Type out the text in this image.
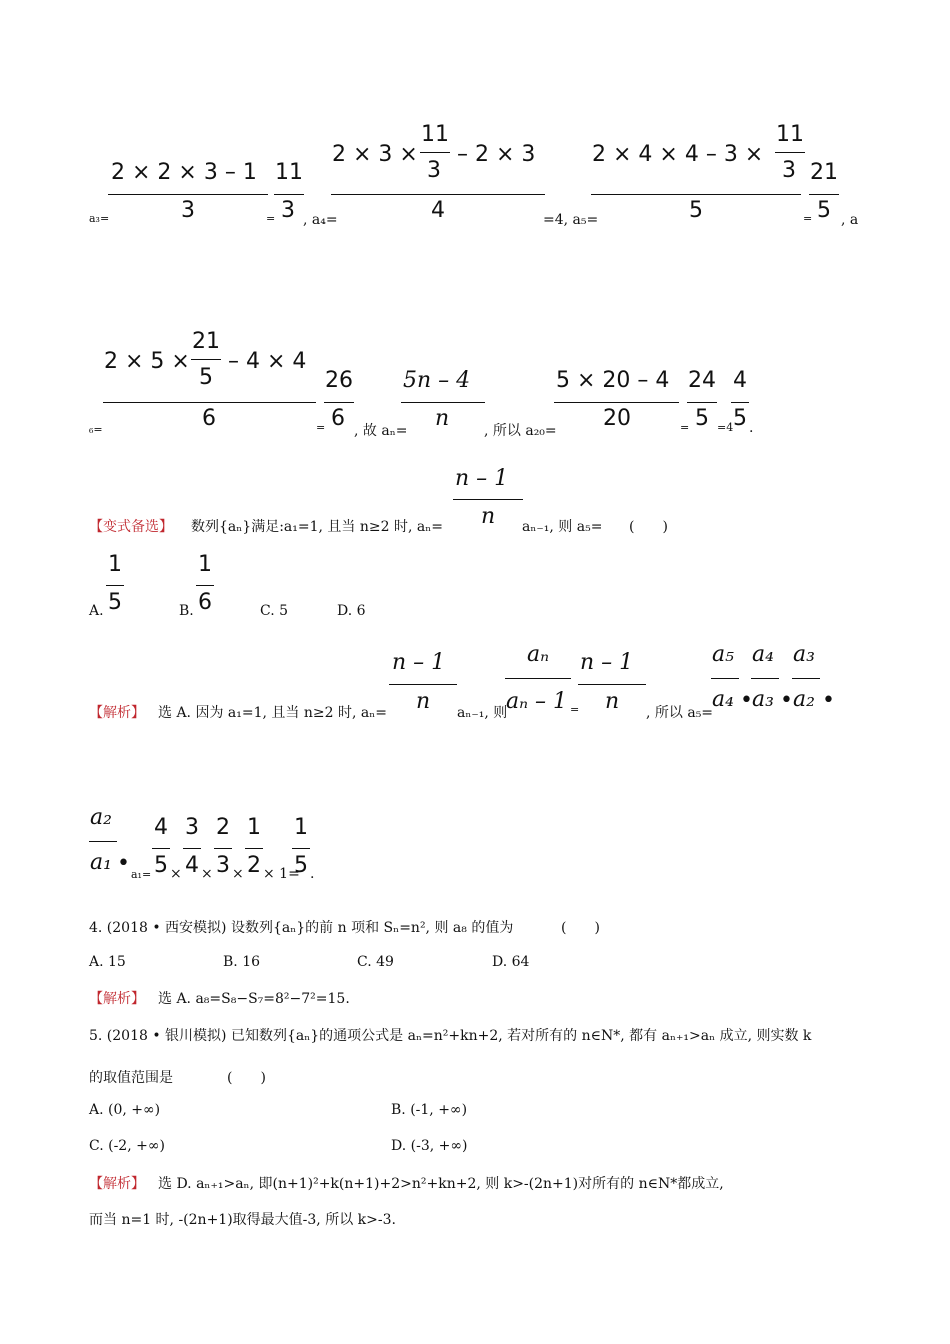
a₃=
2 × 2 × 3 – 1
3	=
11
3 , a₄=
2 × 3 ×
11
3
– 2 × 3
4	=4, a₅=
2 × 4 × 4 – 3 ×
11
3
5	=
21
5 , a
₆=
2 × 5 ×
21
5
– 4 × 4
6	=
26
6 , 故 aₙ=
5n – 4
n , 所以 a₂₀=
5 × 20 – 4
20	=
24
5 =4
4
5 .
【变式备选】 数列{aₙ}满足:a₁=1, 且当 n≥2 时, aₙ=
n – 1
n aₙ₋₁, 则 a₅= (　　)
A.
1
5	B.
1
6	C. 5	D. 6
【解析】 选 A. 因为 a₁=1, 且当 n≥2 时, aₙ=
n – 1
n aₙ₋₁, 则
aₙ
aₙ – 1 =
n – 1
n , 所以 a₅=
a₅
a₄ •
a₄
a₃ •
a₃
a₂ •
a₂
a₁ • a₁=
4
5 ×
3
4 ×
2
3 ×
1
2 × 1=
1
5 .
4. (2018 • 西安模拟) 设数列{aₙ}的前 n 项和 Sₙ=n², 则 a₈ 的值为	(　　)
A. 15	B. 16	C. 49	D. 64
【解析】 选 A. a₈=S₈−S₇=8²−7²=15.
5. (2018 • 银川模拟) 已知数列{aₙ}的通项公式是 aₙ=n²+kn+2, 若对所有的 n∈N*, 都有 aₙ₊₁>aₙ 成立, 则实数 k
的取值范围是	(　　)
A. (0, +∞)	B. (-1, +∞)
C. (-2, +∞)	D. (-3, +∞)
【解析】 选 D. aₙ₊₁>aₙ, 即(n+1)²+k(n+1)+2>n²+kn+2, 则 k>-(2n+1)对所有的 n∈N*都成立,
而当 n=1 时, -(2n+1)取得最大值-3, 所以 k>-3.
